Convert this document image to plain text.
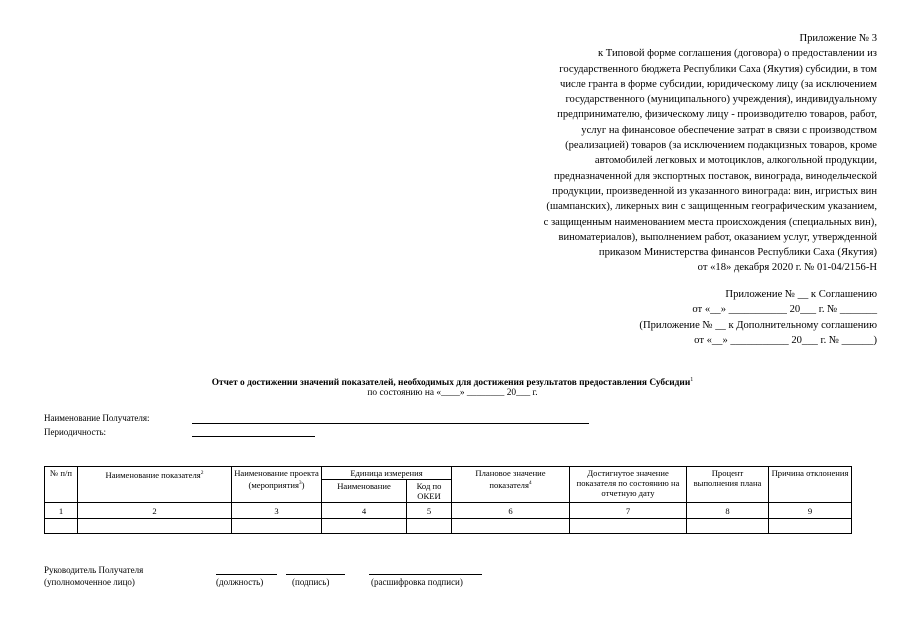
Приложение № 3
к Типовой форме соглашения (договора) о предоставлении из
государственного бюджета Республики Саха (Якутия) субсидии, в том
числе гранта в форме субсидии, юридическому лицу (за исключением
государственного (муниципального) учреждения), индивидуальному
предпринимателю, физическому лицу - производителю товаров, работ,
услуг на финансовое обеспечение затрат в связи с производством
(реализацией) товаров (за исключением подакцизных товаров, кроме
автомобилей легковых и мотоциклов, алкогольной продукции,
предназначенной для экспортных поставок, винограда, винодельческой
продукции, произведенной из указанного винограда: вин, игристых вин
(шампанских), ликерных вин с защищенным географическим указанием,
с защищенным наименованием места происхождения (специальных вин),
виноматериалов), выполнением работ, оказанием услуг, утвержденной
приказом Министерства финансов Республики Саха (Якутия)
от «18» декабря 2020 г. № 01-04/2156-Н
Приложение № __ к Соглашению
от «__» ___________ 20___ г. № _______
(Приложение № __ к Дополнительному соглашению
от «__» ___________ 20___ г. № ______)
Отчет о достижении значений показателей, необходимых для достижения результатов предоставления Субсидии$^1$
по состоянию на «____» ________ 20___ г.
Наименование Получателя:
Периодичность:
№ п/п	Наименование показателя$^2$	Наименование проекта
(мероприятия$^3$)	Единица измерения		Плановое значение показателя$^4$	Достигнутое значение показателя по состоянию на отчетную дату	Процент выполнения плана	Причина отклонения
			Наименование	Код по ОКЕИ				
1	2	3	4	5	6	7	8	9

Руководитель Получателя
(уполномоченное лицо)	(должность)	(подпись)	(расшифровка подписи)
